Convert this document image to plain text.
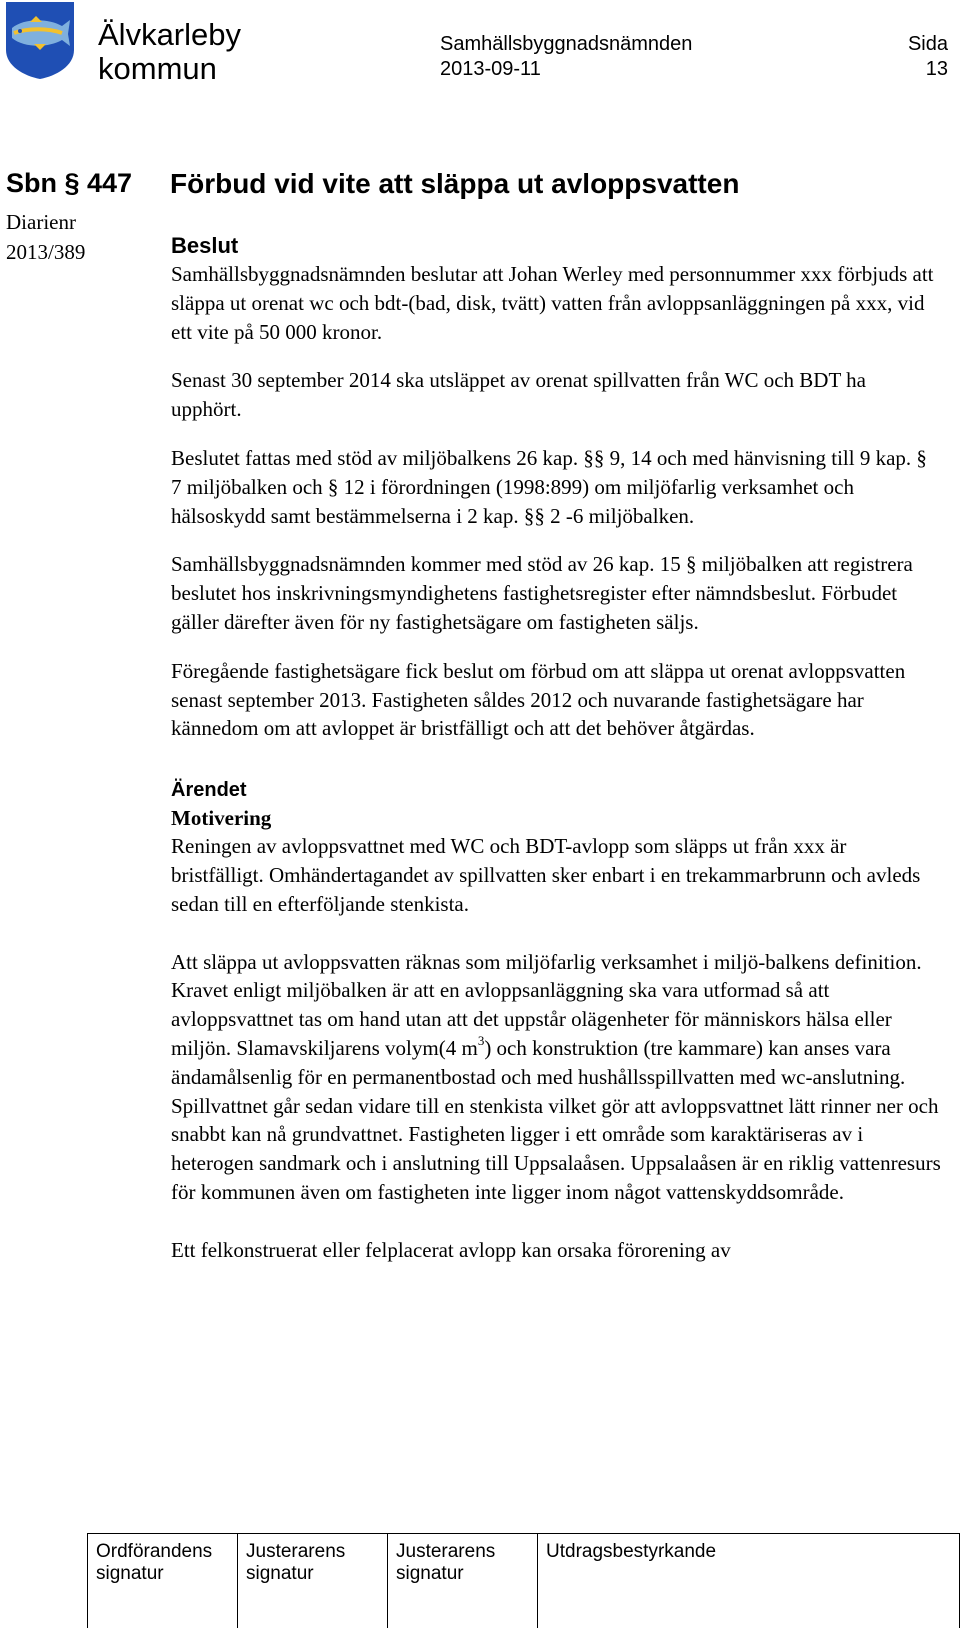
Älvkarleby
kommun
Samhällsbyggnadsnämnden
2013-09-11
Sida
13
Sbn § 447
Diarienr
2013/389
Förbud vid vite att släppa ut avloppsvatten
Beslut

Samhällsbyggnadsnämnden beslutar att Johan Werley med personnummer xxx förbjuds att släppa ut orenat wc och bdt-(bad, disk, tvätt) vatten från avloppsanläggningen på xxx, vid ett vite på 50 000 kronor.

Senast 30 september 2014 ska utsläppet av orenat spillvatten från WC och BDT ha upphört.

Beslutet fattas med stöd av miljöbalkens 26 kap. §§ 9, 14 och med hänvisning till 9 kap. § 7 miljöbalken och § 12 i förordningen (1998:899) om miljöfarlig verksamhet och hälsoskydd samt bestämmelserna i 2 kap. §§ 2 -6 miljöbalken.

Samhällsbyggnadsnämnden kommer med stöd av 26 kap. 15 § miljöbalken att registrera beslutet hos inskrivningsmyndighetens fastighetsregister efter nämndsbeslut. Förbudet gäller därefter även för ny fastighetsägare om fastigheten säljs.

Föregående fastighetsägare fick beslut om förbud om att släppa ut orenat avloppsvatten senast september 2013. Fastigheten såldes 2012 och nuvarande fastighetsägare har kännedom om att avloppet är bristfälligt och att det behöver åtgärdas.

Ärendet
Motivering

Reningen av avloppsvattnet med WC och BDT-avlopp som släpps ut från xxx är bristfälligt. Omhändertagandet av spillvatten sker enbart i en trekammarbrunn och avleds sedan till en efterföljande stenkista.

Att släppa ut avloppsvatten räknas som miljöfarlig verksamhet i miljö-balkens definition. Kravet enligt miljöbalken är att en avloppsanläggning ska vara utformad så att avloppsvattnet tas om hand utan att det uppstår olägenheter för människors hälsa eller miljön. Slamavskiljarens volym(4 $m^3$) och konstruktion (tre kammare) kan anses vara ändamålsenlig för en permanentbostad och med hushållsspillvatten med wc-anslutning. Spillvattnet går sedan vidare till en stenkista vilket gör att avloppsvattnet lätt rinner ner och snabbt kan nå grundvattnet. Fastigheten ligger i ett område som karaktäriseras av i heterogen sandmark och i anslutning till Uppsalaåsen. Uppsalaåsen är en riklig vattenresurs för kommunen även om fastigheten inte ligger inom något vattenskyddsområde.

Ett felkonstruerat eller felplacerat avlopp kan orsaka förorening av

Ordförandens
signatur
Justerarens
signatur
Justerarens
signatur
Utdragsbestyrkande
